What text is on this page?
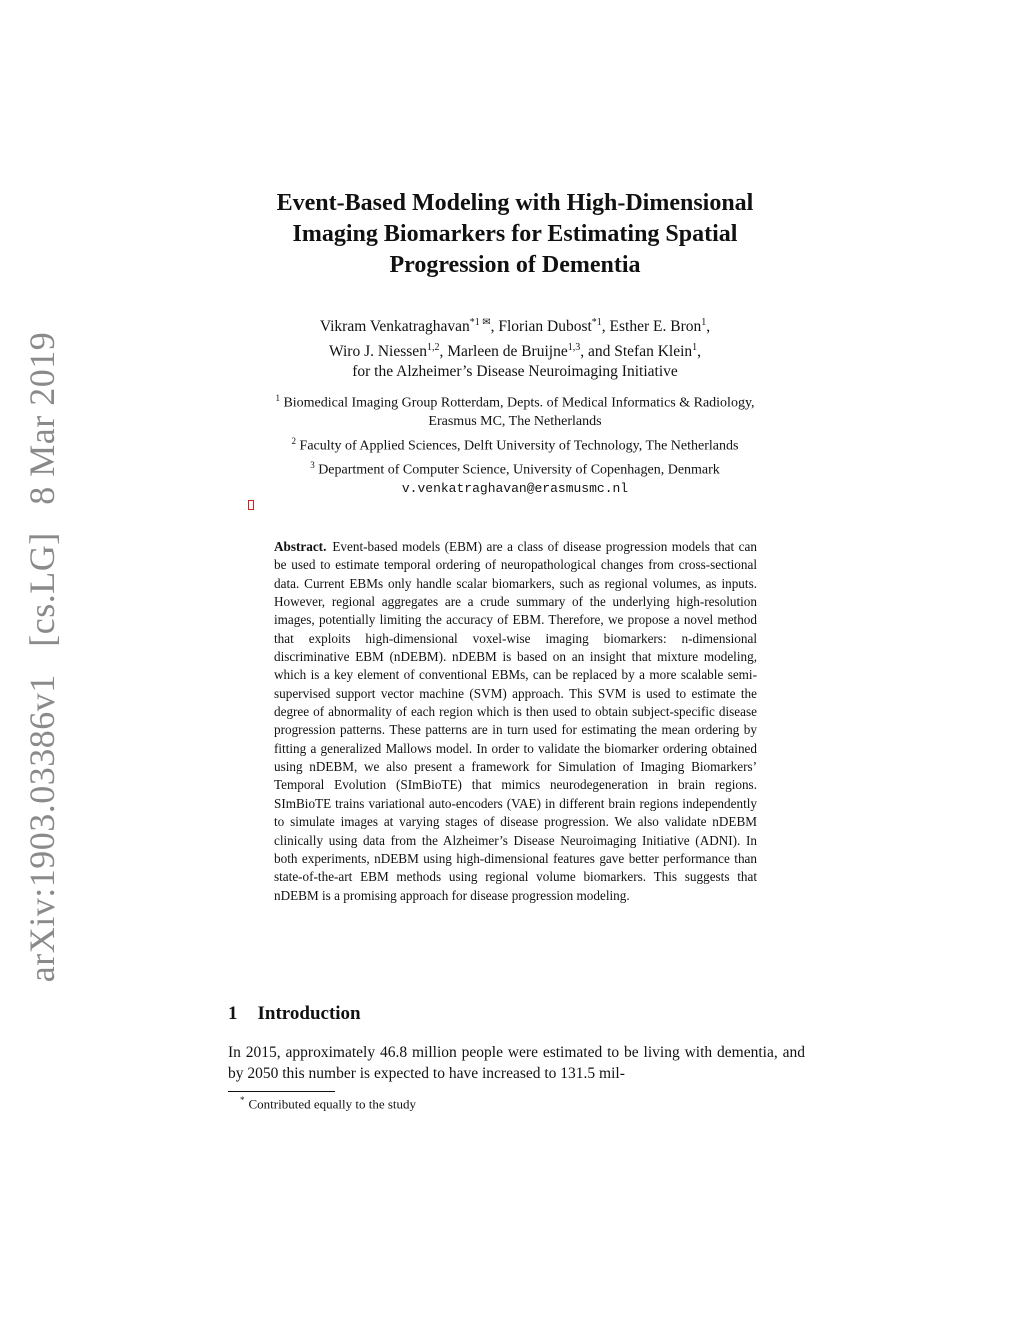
arXiv:1903.03386v1 [cs.LG] 8 Mar 2019
Event-Based Modeling with High-Dimensional
Imaging Biomarkers for Estimating Spatial
Progression of Dementia
Vikram Venkatraghavan$^{*1 ✉}$, Florian Dubost$^{*1}$, Esther E. Bron$^1$,
Wiro J. Niessen$^{1,2}$, Marleen de Bruijne$^{1,3}$, and Stefan Klein$^1$,
for the Alzheimer’s Disease Neuroimaging Initiative
$^1$ Biomedical Imaging Group Rotterdam, Depts. of Medical Informatics & Radiology,
Erasmus MC, The Netherlands
$^2$ Faculty of Applied Sciences, Delft University of Technology, The Netherlands
$^3$ Department of Computer Science, University of Copenhagen, Denmark
v.venkatraghavan@erasmusmc.nl
Abstract. Event-based models (EBM) are a class of disease progression models that can be used to estimate temporal ordering of neuropathological changes from cross-sectional data. Current EBMs only handle scalar biomarkers, such as regional volumes, as inputs. However, regional aggregates are a crude summary of the underlying high-resolution images, potentially limiting the accuracy of EBM. Therefore, we propose a novel method that exploits high-dimensional voxel-wise imaging biomarkers: n-dimensional discriminative EBM (nDEBM). nDEBM is based on an insight that mixture modeling, which is a key element of conventional EBMs, can be replaced by a more scalable semi-supervised support vector machine (SVM) approach. This SVM is used to estimate the degree of abnormality of each region which is then used to obtain subject-specific disease progression patterns. These patterns are in turn used for estimating the mean ordering by fitting a generalized Mallows model. In order to validate the biomarker ordering obtained using nDEBM, we also present a framework for Simulation of Imaging Biomarkers’ Temporal Evolution (SImBioTE) that mimics neurodegeneration in brain regions. SImBioTE trains variational auto-encoders (VAE) in different brain regions independently to simulate images at varying stages of disease progression. We also validate nDEBM clinically using data from the Alzheimer’s Disease Neuroimaging Initiative (ADNI). In both experiments, nDEBM using high-dimensional features gave better performance than state-of-the-art EBM methods using regional volume biomarkers. This suggests that nDEBM is a promising approach for disease progression modeling.
1 Introduction
In 2015, approximately 46.8 million people were estimated to be living with dementia, and by 2050 this number is expected to have increased to 131.5 mil-
* Contributed equally to the study
